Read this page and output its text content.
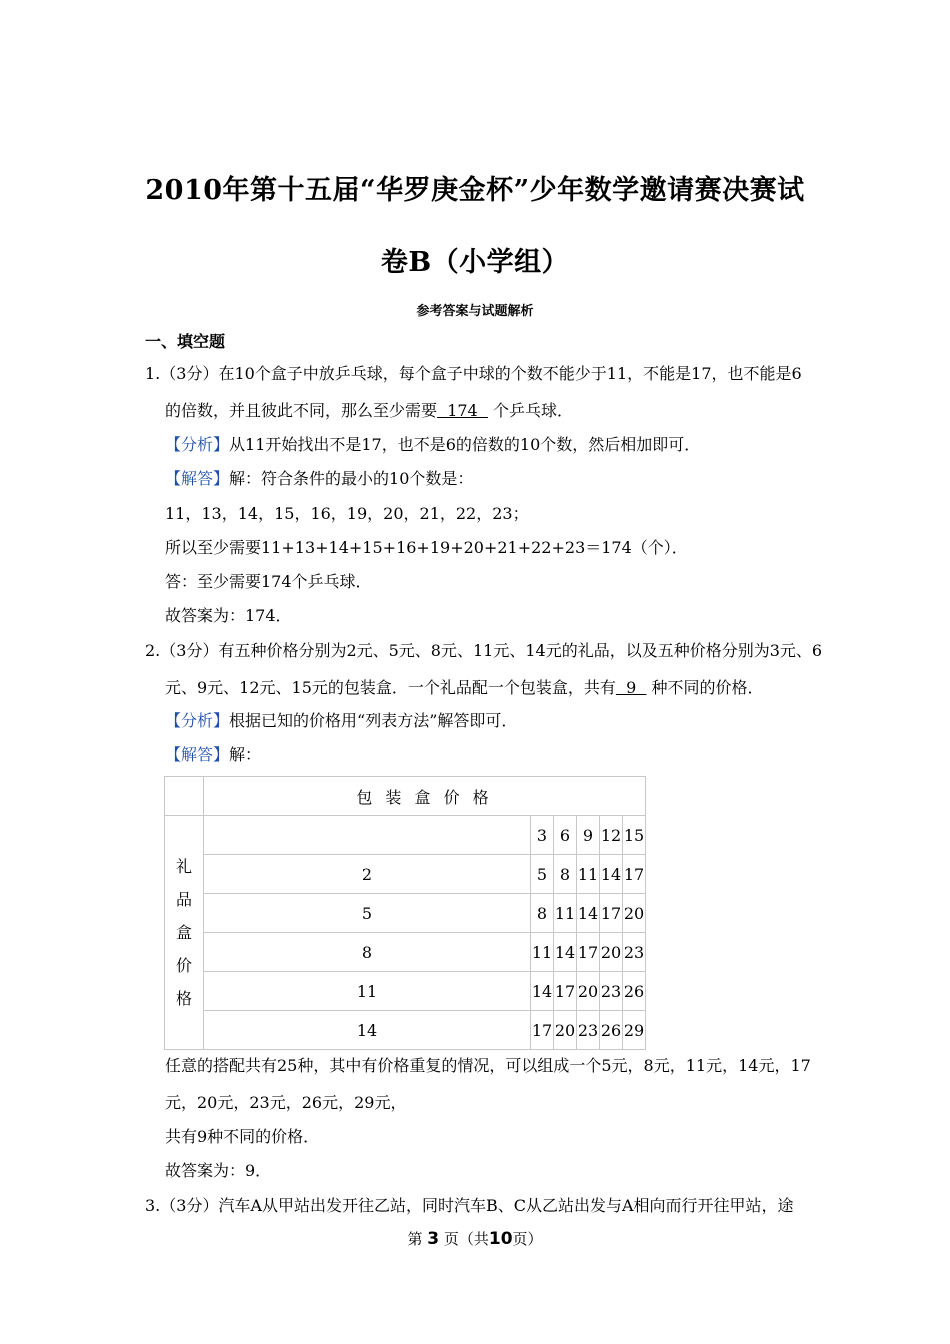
2010年第十五届“华罗庚金杯”少年数学邀请赛决赛试
卷B（小学组）
参考答案与试题解析
一、填空题
1.（3分）在10个盒子中放乒乓球，每个盒子中球的个数不能少于11，不能是17，也不能是6
的倍数，并且彼此不同，那么至少需要  174   个乒乓球．
【分析】从11开始找出不是17，也不是6的倍数的10个数，然后相加即可．
【解答】解：符合条件的最小的10个数是：
11，13，14，15，16，19，20，21，22，23；
所以至少需要11+13+14+15+16+19+20+21+22+23＝174（个）．
答：至少需要174个乒乓球．
故答案为：174．
2.（3分）有五种价格分别为2元、5元、8元、11元、14元的礼品，以及五种价格分别为3元、6
元、9元、12元、15元的包装盒．一个礼品配一个包装盒，共有  9   种不同的价格．
【分析】根据已知的价格用“列表方法”解答即可．
【解答】解：
	包 装 盒 价 格					
礼
品
盒
价
格		3	6	9	12	15
	2	5	8	11	14	17
	5	8	11	14	17	20
	8	11	14	17	20	23
	11	14	17	20	23	26
	14	17	20	23	26	29
任意的搭配共有25种，其中有价格重复的情况，可以组成一个5元，8元，11元，14元，17
元，20元，23元，26元，29元，
共有9种不同的价格．
故答案为：9．
3.（3分）汽车A从甲站出发开往乙站，同时汽车B、C从乙站出发与A相向而行开往甲站，途
第 3 页（共10页）
